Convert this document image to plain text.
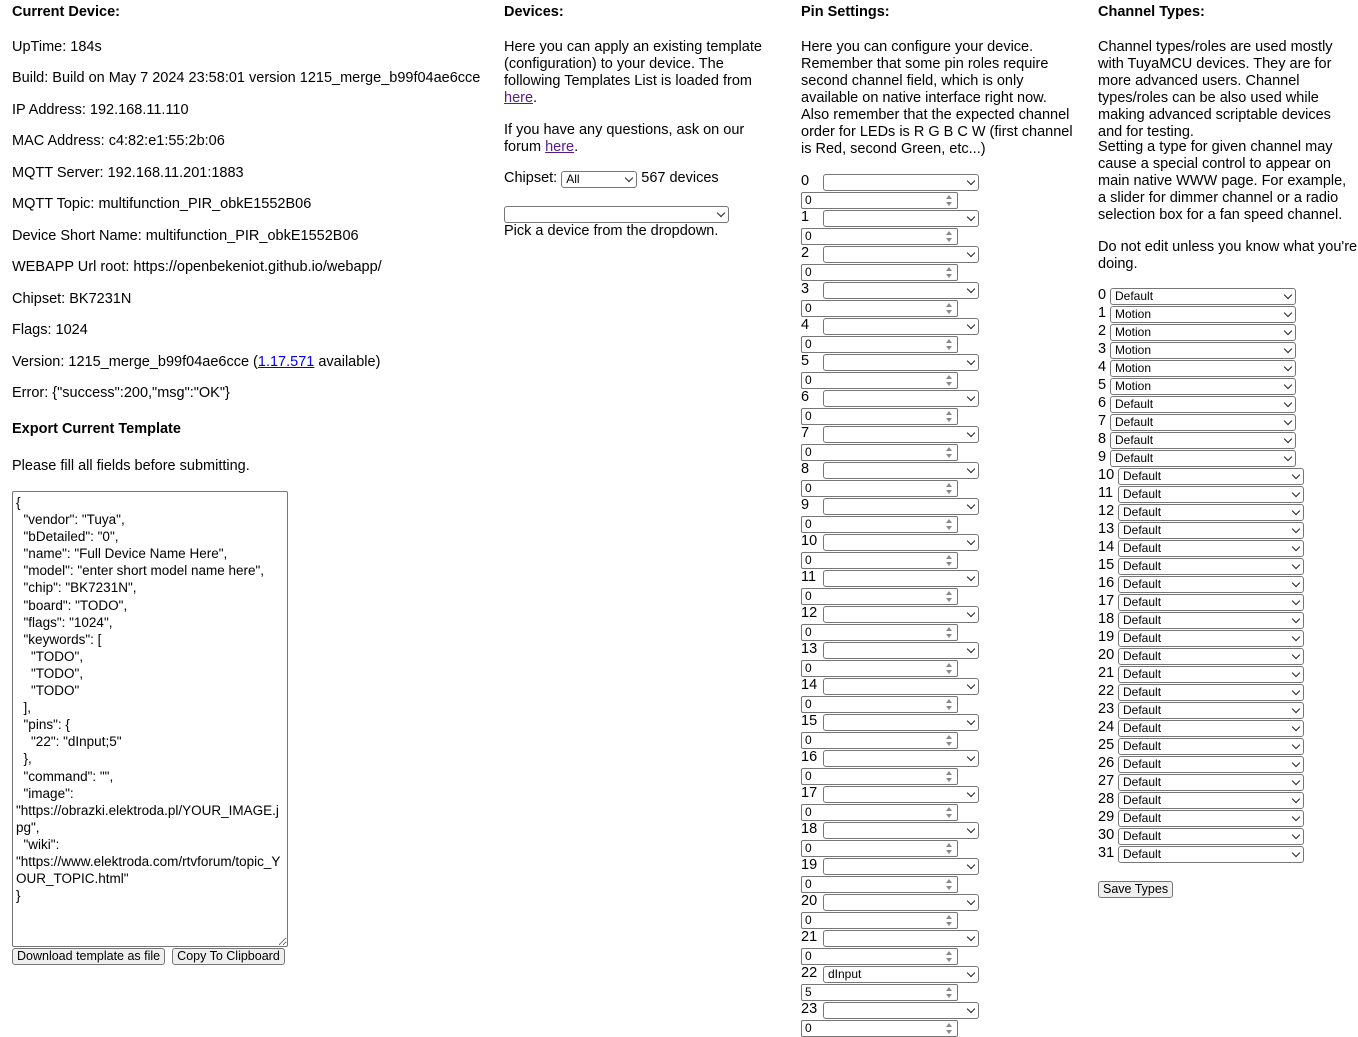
Current Device:

UpTime: 184s

Build: Build on May 7 2024 23:58:01 version 1215_merge_b99f04ae6cce

IP Address: 192.168.11.110

MAC Address: c4:82:e1:55:2b:06

MQTT Server: 192.168.11.201:1883

MQTT Topic: multifunction_PIR_obkE1552B06

Device Short Name: multifunction_PIR_obkE1552B06

WEBAPP Url root: https://openbekeniot.github.io/webapp/

Chipset: BK7231N

Flags: 1024

Version: 1215_merge_b99f04ae6cce (1.17.571 available)

Error: {"success":200,"msg":"OK"}

Export Current Template

Please fill all fields before submitting.

{ "vendor": "Tuya", "bDetailed": "0", "name": "Full Device Name Here", "model": "enter short model name here", "chip": "BK7231N", "board": "TODO", "flags": "1024", "keywords": [ "TODO", "TODO", "TODO" ], "pins": { "22": "dInput;5" }, "command": "", "image": "https://obrazki.elektroda.pl/YOUR_IMAGE.jpg", "wiki": "https://www.elektroda.com/rtvforum/topic_YOUR_TOPIC.html" }
Download template as file Copy To Clipboard
Devices:

Here you can apply an existing template (configuration) to your device. The following Templates List is loaded from here.

If you have any questions, ask on our forum here.

Chipset: All	567 devices

Pick a device from the dropdown.

Pin Settings:

Here you can configure your device. Remember that some pin roles require second channel field, which is only available on native interface right now. Also remember that the expected channel order for LEDs is R G B C W (first channel is Red, second Green, etc...)

0
0
1
0
2
0
3
0
4
0
5
0
6
0
7
0
8
0
9
0
10
0
11
0
12
0
13
0
14
0
15
0
16
0
17
0
18
0
19
0
20
0
21
0
22 dInput
5
23
0
Channel Types:

Channel types/roles are used mostly with TuyaMCU devices. They are for more advanced users. Channel types/roles can be also used while making advanced scriptable devices and for testing.

Setting a type for given channel may cause a special control to appear on main native WWW page. For example, a slider for dimmer channel or a radio selection box for a fan speed channel.

Do not edit unless you know what you're doing.

0 Default
1 Motion
2 Motion
3 Motion
4 Motion
5 Motion
6 Default
7 Default
8 Default
9 Default
10 Default
11 Default
12 Default
13 Default
14 Default
15 Default
16 Default
17 Default
18 Default
19 Default
20 Default
21 Default
22 Default
23 Default
24 Default
25 Default
26 Default
27 Default
28 Default
29 Default
30 Default
31 Default
Save Types
